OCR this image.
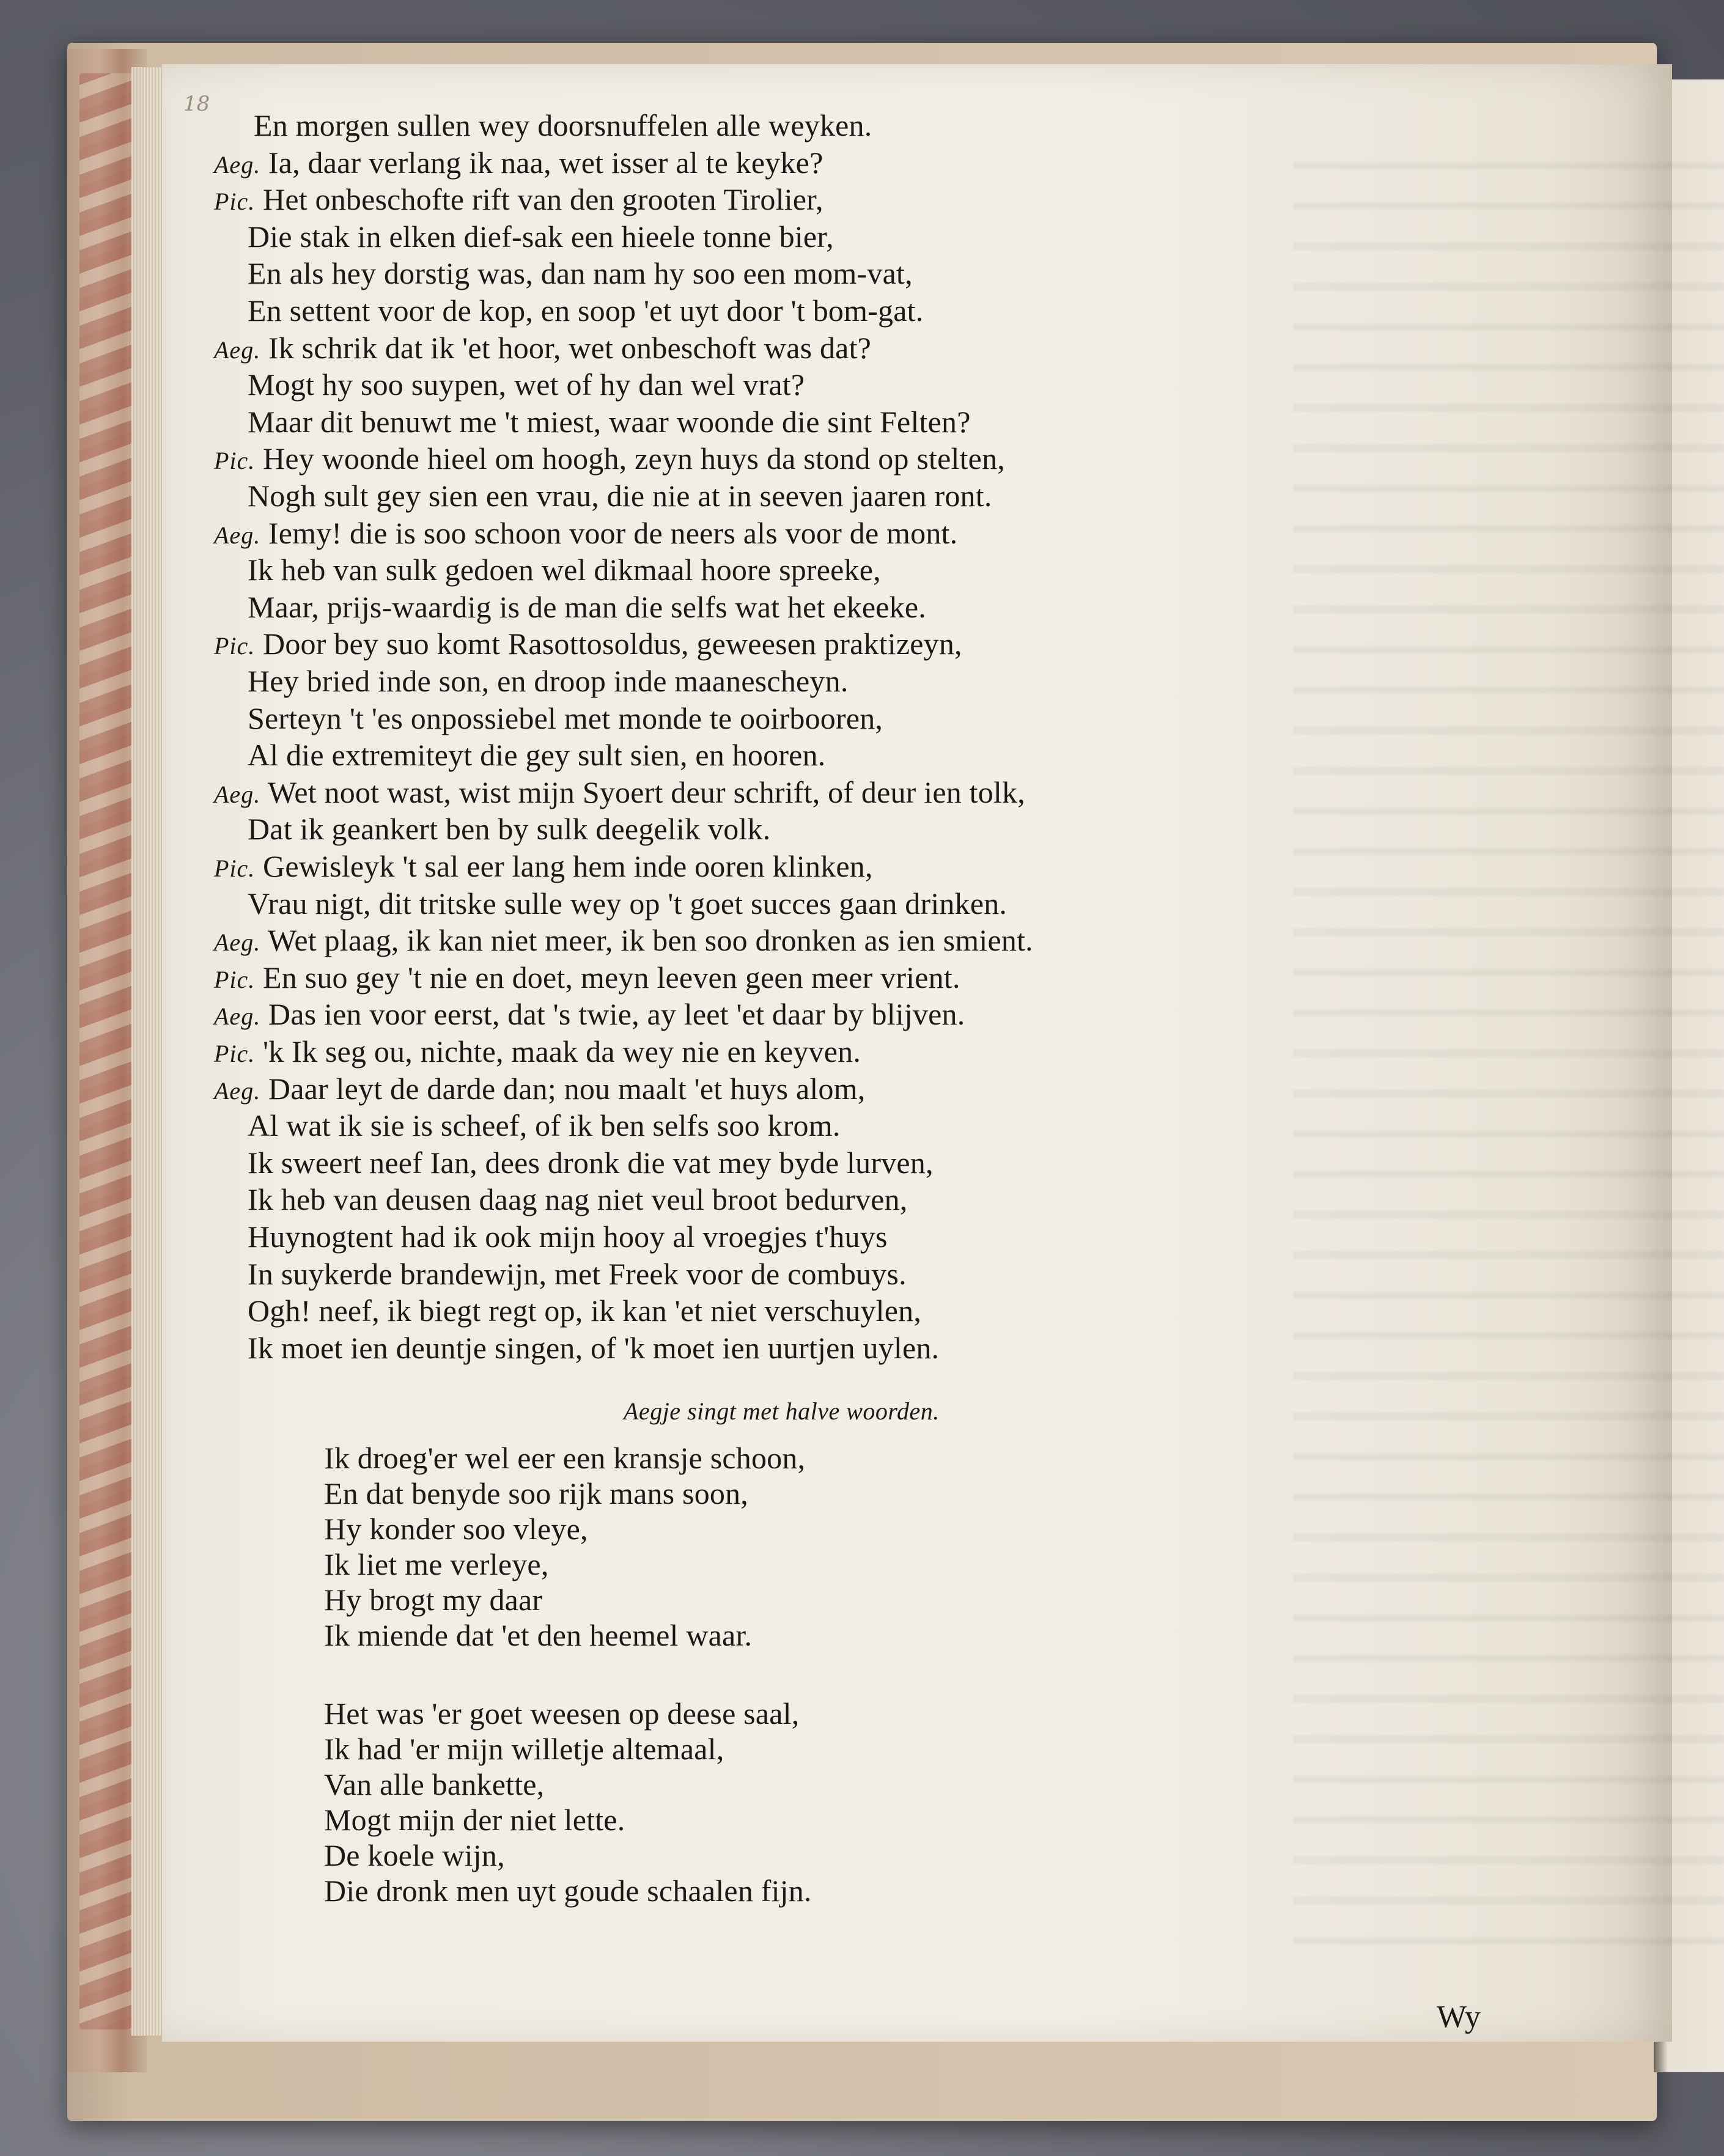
18
En morgen sullen wey doorsnuffelen alle weyken.
Aeg. Ia, daar verlang ik naa, wet isser al te keyke?
Pic. Het onbeschofte rift van den grooten Tirolier,
Die stak in elken dief-sak een hieele tonne bier,
En als hey dorstig was, dan nam hy soo een mom-vat,
En settent voor de kop, en soop 'et uyt door 't bom-gat.
Aeg. Ik schrik dat ik 'et hoor, wet onbeschoft was dat?
Mogt hy soo suypen, wet of hy dan wel vrat?
Maar dit benuwt me 't miest, waar woonde die sint Felten?
Pic. Hey woonde hieel om hoogh, zeyn huys da stond op stelten,
Nogh sult gey sien een vrau, die nie at in seeven jaaren ront.
Aeg. Iemy! die is soo schoon voor de neers als voor de mont.
Ik heb van sulk gedoen wel dikmaal hoore spreeke,
Maar, prijs-waardig is de man die selfs wat het ekeeke.
Pic. Door bey suo komt Rasottosoldus, geweesen praktizeyn,
Hey bried inde son, en droop inde maanescheyn.
Serteyn 't 'es onpossiebel met monde te ooirbooren,
Al die extremiteyt die gey sult sien, en hooren.
Aeg. Wet noot wast, wist mijn Syoert deur schrift, of deur ien tolk,
Dat ik geankert ben by sulk deegelik volk.
Pic. Gewisleyk 't sal eer lang hem inde ooren klinken,
Vrau nigt, dit tritske sulle wey op 't goet succes gaan drinken.
Aeg. Wet plaag, ik kan niet meer, ik ben soo dronken as ien smient.
Pic. En suo gey 't nie en doet, meyn leeven geen meer vrient.
Aeg. Das ien voor eerst, dat 's twie, ay leet 'et daar by blijven.
Pic. 'k Ik seg ou, nichte, maak da wey nie en keyven.
Aeg. Daar leyt de darde dan; nou maalt 'et huys alom,
Al wat ik sie is scheef, of ik ben selfs soo krom.
Ik sweert neef Ian, dees dronk die vat mey byde lurven,
Ik heb van deusen daag nag niet veul broot bedurven,
Huynogtent had ik ook mijn hooy al vroegjes t'huys
In suykerde brandewijn, met Freek voor de combuys.
Ogh! neef, ik biegt regt op, ik kan 'et niet verschuylen,
Ik moet ien deuntje singen, of 'k moet ien uurtjen uylen.
Aegje singt met halve woorden.
Ik droeg'er wel eer een kransje schoon,
En dat benyde soo rijk mans soon,
Hy konder soo vleye,
Ik liet me verleye,
Hy brogt my daar
Ik miende dat 'et den heemel waar.
Het was 'er goet weesen op deese saal,
Ik had 'er mijn willetje altemaal,
Van alle bankette,
Mogt mijn der niet lette.
De koele wijn,
Die dronk men uyt goude schaalen fijn.
Wy
